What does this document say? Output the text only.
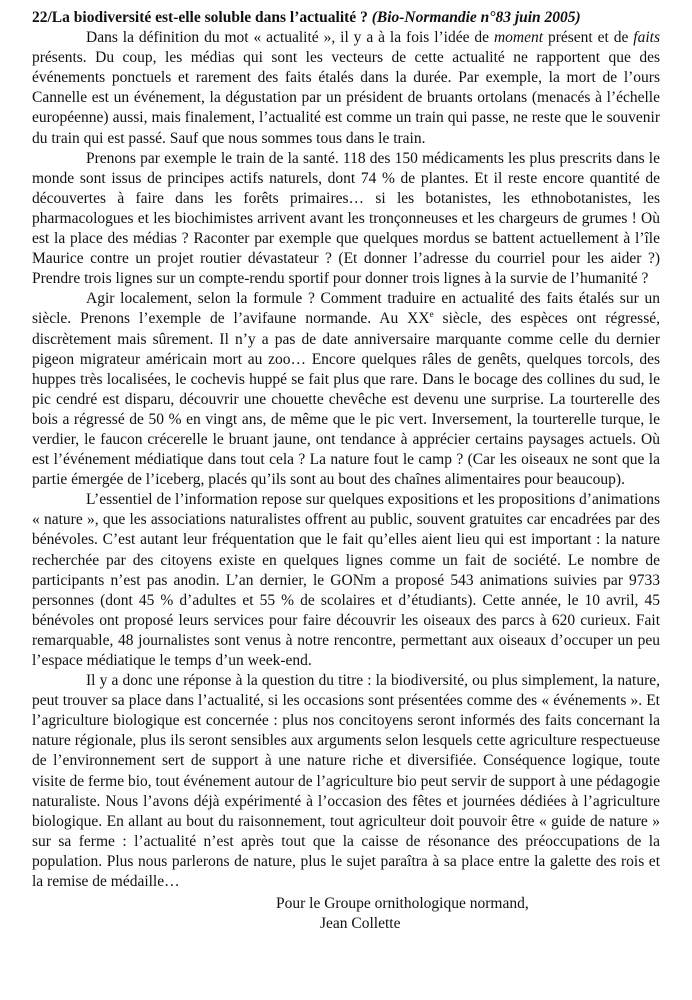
22/La biodiversité est-elle soluble dans l’actualité ? (Bio-Normandie n°83 juin 2005)

Dans la définition du mot « actualité », il y a à la fois l’idée de moment présent et de faits présents. Du coup, les médias qui sont les vecteurs de cette actualité ne rapportent que des événements ponctuels et rarement des faits étalés dans la durée. Par exemple, la mort de l’ours Cannelle est un événement, la dégustation par un président de bruants ortolans (menacés à l’échelle européenne) aussi, mais finalement, l’actualité est comme un train qui passe, ne reste que le souvenir du train qui est passé. Sauf que nous sommes tous dans le train.

Prenons par exemple le train de la santé. 118 des 150 médicaments les plus prescrits dans le monde sont issus de principes actifs naturels, dont 74 % de plantes. Et il reste encore quantité de découvertes à faire dans les forêts primaires… si les botanistes, les ethnobotanistes, les pharmacologues et les biochimistes arrivent avant les tronçonneuses et les chargeurs de grumes ! Où est la place des médias ? Raconter par exemple que quelques mordus se battent actuellement à l’île Maurice contre un projet routier dévastateur ? (Et donner l’adresse du courriel pour les aider ?) Prendre trois lignes sur un compte-rendu sportif pour donner trois lignes à la survie de l’humanité ?

Agir localement, selon la formule ? Comment traduire en actualité des faits étalés sur un siècle. Prenons l’exemple de l’avifaune normande. Au XXe siècle, des espèces ont régressé, discrètement mais sûrement. Il n’y a pas de date anniversaire marquante comme celle du dernier pigeon migrateur américain mort au zoo… Encore quelques râles de genêts, quelques torcols, des huppes très localisées, le cochevis huppé se fait plus que rare. Dans le bocage des collines du sud, le pic cendré est disparu, découvrir une chouette chevêche est devenu une surprise. La tourterelle des bois a régressé de 50 % en vingt ans, de même que le pic vert. Inversement, la tourterelle turque, le verdier, le faucon crécerelle le bruant jaune, ont tendance à apprécier certains paysages actuels. Où est l’événement médiatique dans tout cela ? La nature fout le camp ? (Car les oiseaux ne sont que la partie émergée de l’iceberg, placés qu’ils sont au bout des chaînes alimentaires pour beaucoup).

L’essentiel de l’information repose sur quelques expositions et les propositions d’animations « nature », que les associations naturalistes offrent au public, souvent gratuites car encadrées par des bénévoles. C’est autant leur fréquentation que le fait qu’elles aient lieu qui est important : la nature recherchée par des citoyens existe en quelques lignes comme un fait de société. Le nombre de participants n’est pas anodin. L’an dernier, le GONm a proposé 543 animations suivies par 9733 personnes (dont 45 % d’adultes et 55 % de scolaires et d’étudiants). Cette année, le 10 avril, 45 bénévoles ont proposé leurs services pour faire découvrir les oiseaux des parcs à 620 curieux. Fait remarquable, 48 journalistes sont venus à notre rencontre, permettant aux oiseaux d’occuper un peu l’espace médiatique le temps d’un week-end.

Il y a donc une réponse à la question du titre : la biodiversité, ou plus simplement, la nature, peut trouver sa place dans l’actualité, si les occasions sont présentées comme des « événements ». Et l’agriculture biologique est concernée : plus nos concitoyens seront informés des faits concernant la nature régionale, plus ils seront sensibles aux arguments selon lesquels cette agriculture respectueuse de l’environnement sert de support à une nature riche et diversifiée. Conséquence logique, toute visite de ferme bio, tout événement autour de l’agriculture bio peut servir de support à une pédagogie naturaliste. Nous l’avons déjà expérimenté à l’occasion des fêtes et journées dédiées à l’agriculture biologique. En allant au bout du raisonnement, tout agriculteur doit pouvoir être « guide de nature » sur sa ferme : l’actualité n’est après tout que la caisse de résonance des préoccupations de la population. Plus nous parlerons de nature, plus le sujet paraîtra à sa place entre la galette des rois et la remise de médaille…

Pour le Groupe ornithologique normand,
Jean Collette
